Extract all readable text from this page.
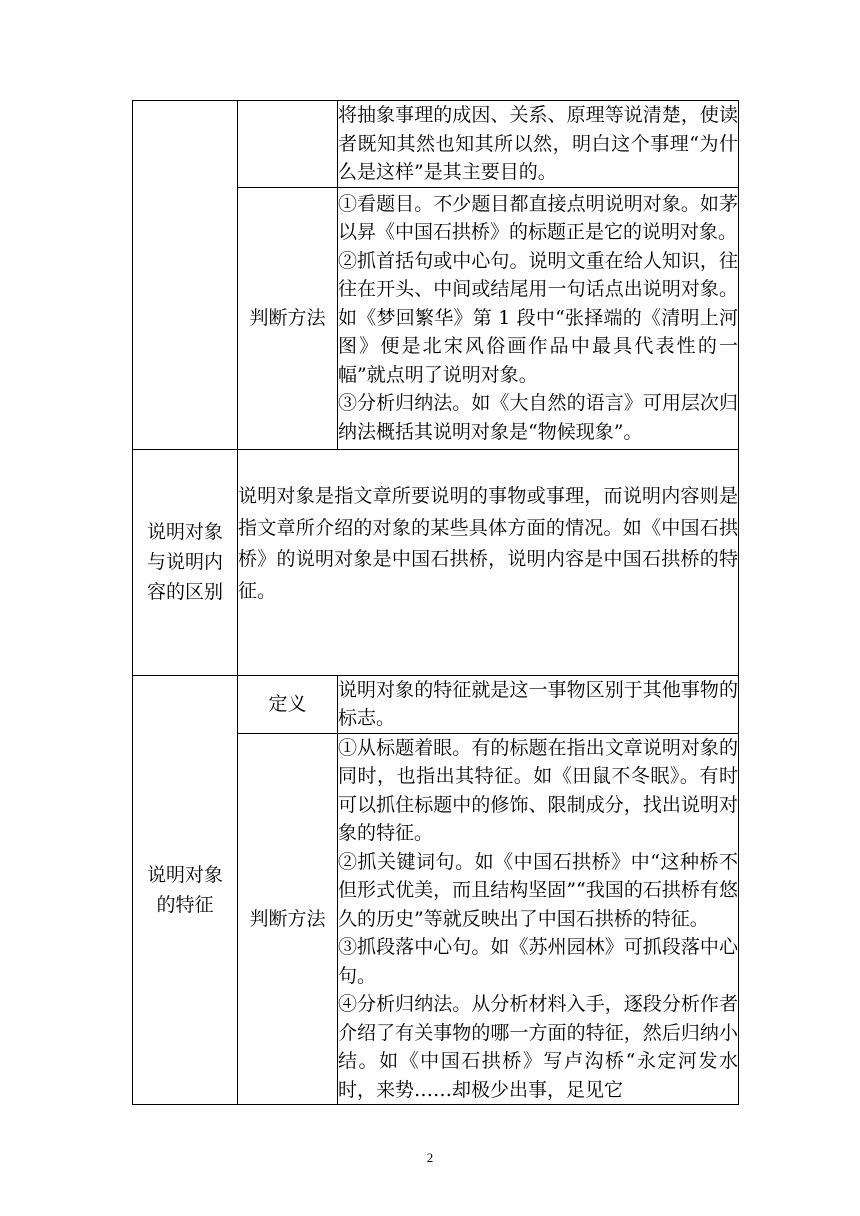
		将抽象事理的成因、关系、原理等说清楚，使读者既知其然也知其所以然，明白这个事理“为什么是这样”是其主要目的。

	判断方法	①看题目。不少题目都直接点明说明对象。如茅以昇《中国石拱桥》的标题正是它的说明对象。

②抓首括句或中心句。说明文重在给人知识，往往在开头、中间或结尾用一句话点出说明对象。如《梦回繁华》第 1 段中“张择端的《清明上河图》便是北宋风俗画作品中最具代表性的一幅”就点明了说明对象。

③分析归纳法。如《大自然的语言》可用层次归纳法概括其说明对象是“物候现象”。

说明对象与说明内容的区别	说明对象是指文章所要说明的事物或事理，而说明内容则是指文章所介绍的对象的某些具体方面的情况。如《中国石拱桥》的说明对象是中国石拱桥，说明内容是中国石拱桥的特征。	

说明对象的特征	定义	说明对象的特征就是这一事物区别于其他事物的标志。

	判断方法	①从标题着眼。有的标题在指出文章说明对象的同时，也指出其特征。如《田鼠不冬眠》。有时可以抓住标题中的修饰、限制成分，找出说明对象的特征。

②抓关键词句。如《中国石拱桥》中“这种桥不但形式优美，而且结构坚固”“我国的石拱桥有悠久的历史”等就反映出了中国石拱桥的特征。

③抓段落中心句。如《苏州园林》可抓段落中心句。

④分析归纳法。从分析材料入手，逐段分析作者介绍了有关事物的哪一方面的特征，然后归纳小结。如《中国石拱桥》写卢沟桥“永定河发水时，来势……却极少出事，足见它

2
